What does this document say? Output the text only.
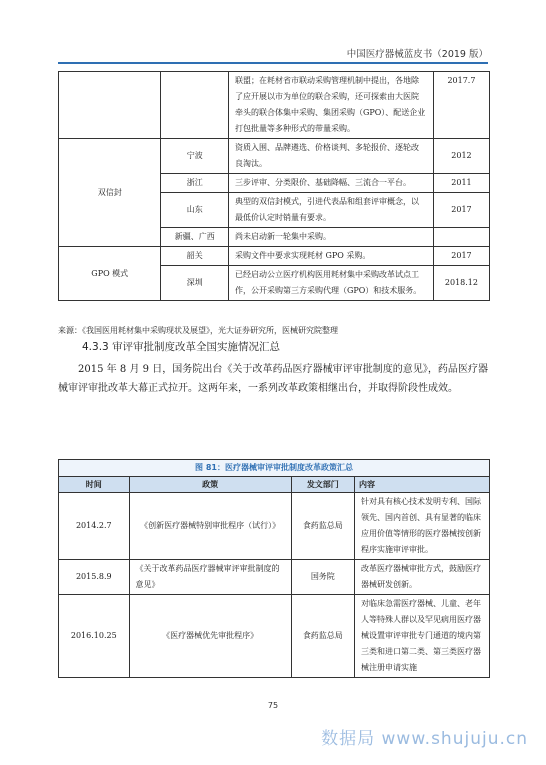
中国医疗器械蓝皮书（2019 版）
		联盟；在耗材省市联动采购管理机制中提出，各地除了应开展以市为单位的联合采购，还可探索由大医院牵头的联合体集中采购、集团采购（GPO）、配送企业打包批量等多种形式的带量采购。	2017.7
双信封	宁波	资质入围、品牌遴选、价格谈判、多轮报价、逐轮改良淘汰。	2012
	浙江	三步评审、分类限价、基础降幅、三流合一平台。	2011
	山东	典型的双信封模式，引进代表品和组套评审概念，以最低价认定时销量有要求。	2017
	新疆、广西	尚未启动新一轮集中采购。	
GPO 模式	韶关	采购文件中要求实现耗材 GPO 采购。	2017
	深圳	已经启动公立医疗机构医用耗材集中采购改革试点工作，公开采购第三方采购代理（GPO）和技术服务。	2018.12
来源：《我国医用耗材集中采购现状及展望》，光大证券研究所，医械研究院整理
4.3.3 审评审批制度改革全国实施情况汇总
2015 年 8 月 9 日，国务院出台《关于改革药品医疗器械审评审批制度的意见》，药品医疗器械审评审批改革大幕正式拉开。这两年来，一系列改革政策相继出台，并取得阶段性成效。
图 81：医疗器械审评审批制度改革政策汇总
时间	政策	发文部门	内容
2014.2.7	《创新医疗器械特别审批程序（试行）》	食药监总局	针对具有核心技术发明专利、国际领先、国内首创、具有显著的临床应用价值等情形的医疗器械按创新程序实施审评审批。
2015.8.9	《关于改革药品医疗器械审评审批制度的意见》	国务院	改革医疗器械审批方式，鼓励医疗器械研发创新。
2016.10.25	《医疗器械优先审批程序》	食药监总局	对临床急需医疗器械、儿童、老年人等特殊人群以及罕见病用医疗器械设置审评审批专门通道的境内第三类和进口第二类、第三类医疗器械注册申请实施
75
数据局 www.shujuju.cn
